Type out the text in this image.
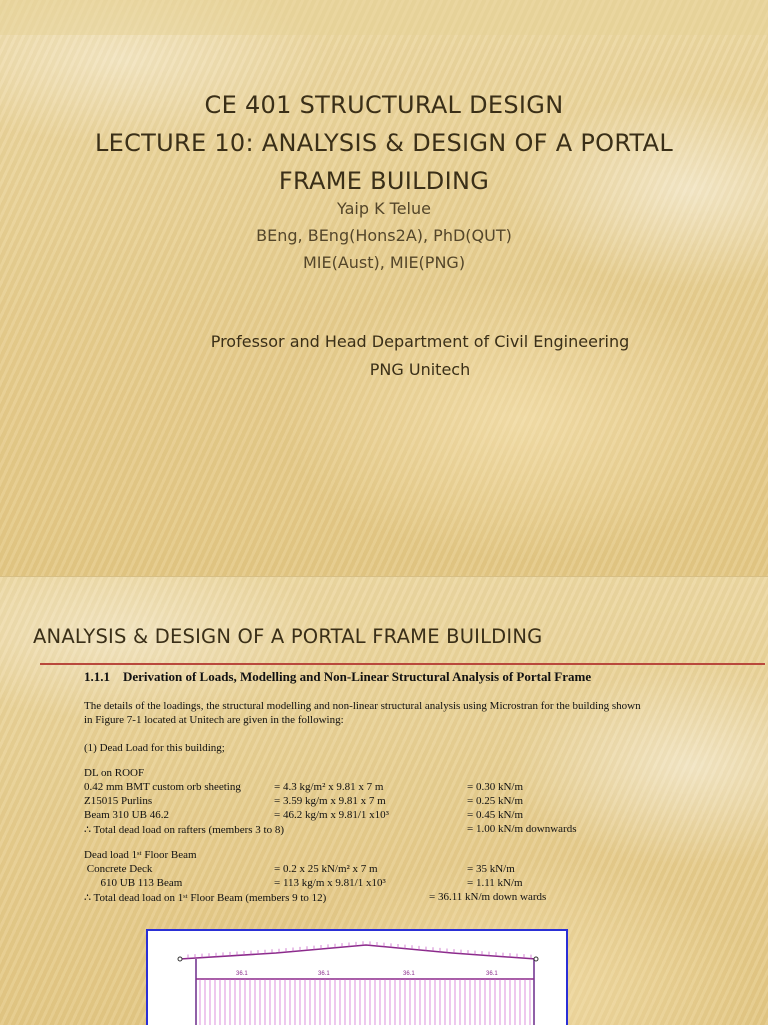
CE 401 STRUCTURAL DESIGN
LECTURE 10: ANALYSIS & DESIGN OF A PORTAL
FRAME BUILDING
Yaip K Telue
BEng, BEng(Hons2A), PhD(QUT)
MIE(Aust), MIE(PNG)
Professor and Head Department of Civil Engineering
PNG Unitech
ANALYSIS & DESIGN OF A PORTAL FRAME BUILDING
1.1.1	Derivation of Loads, Modelling and Non-Linear Structural Analysis of Portal Frame
The details of the loadings, the structural modelling and non-linear structural analysis using Microstran for the building shown in Figure 7-1 located at Unitech are given in the following:
(1) Dead Load for this building;
DL on ROOF
0.42 mm BMT custom orb sheeting	= 4.3 kg/m² x 9.81 x 7 m	= 0.30 kN/m
Z15015 Purlins	= 3.59 kg/m x 9.81 x 7 m	= 0.25 kN/m
Beam 310 UB 46.2	= 46.2 kg/m x 9.81/1 x10³	= 0.45 kN/m
∴ Total dead load on rafters (members 3 to 8)	= 1.00 kN/m downwards
Dead load 1ˢᵗ Floor Beam
Concrete Deck	= 0.2 x 25 kN/m² x 7 m	= 35 kN/m
610 UB 113 Beam	= 113 kg/m x 9.81/1 x10³	= 1.11 kN/m
∴ Total dead load on 1ˢᵗ Floor Beam (members 9 to 12)	= 36.11 kN/m down wards
36.1	36.1	36.1	36.1
